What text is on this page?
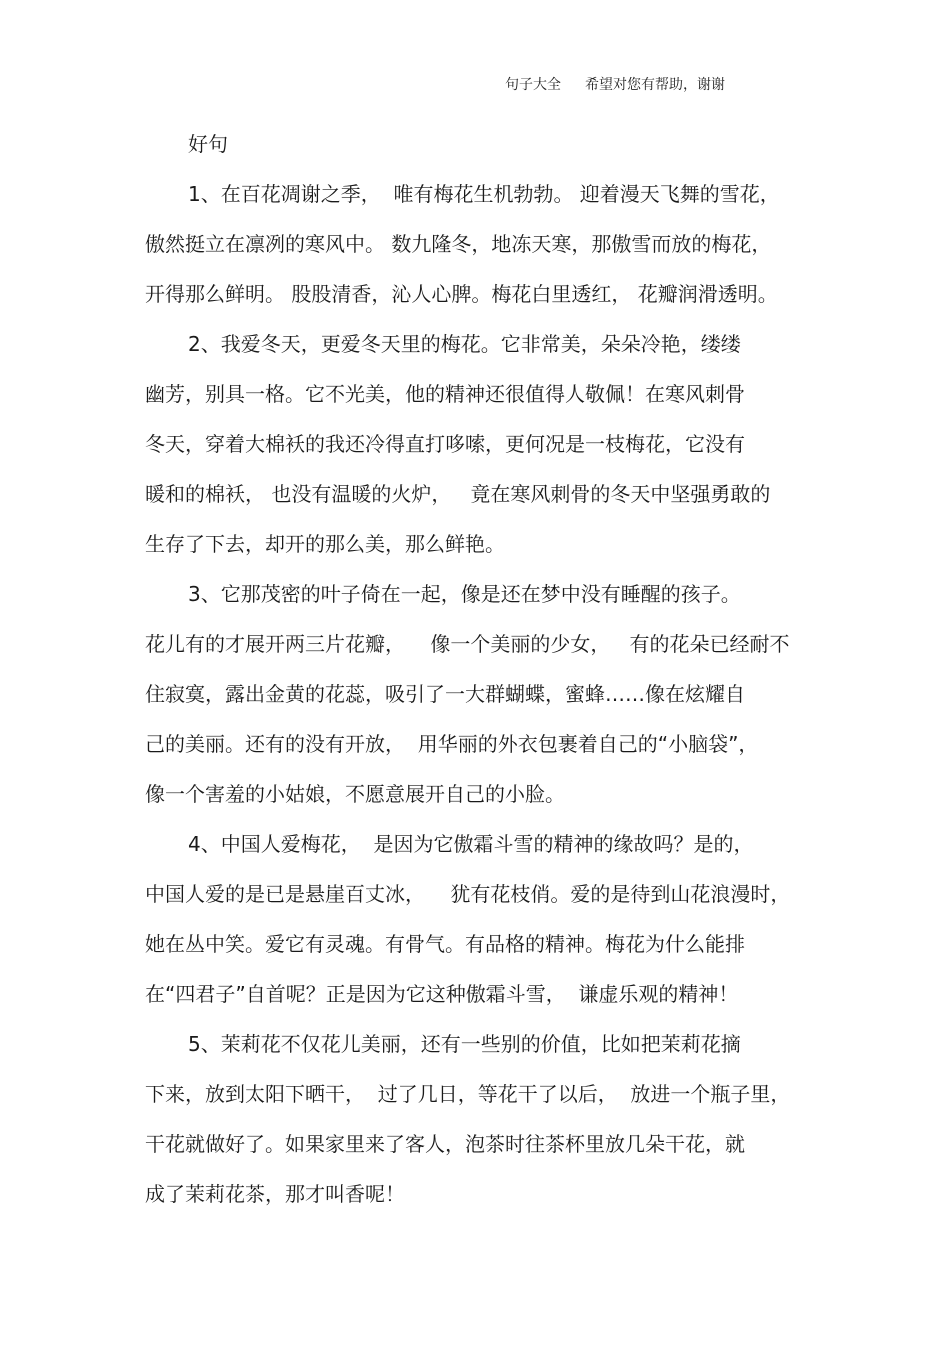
句子大全 希望对您有帮助，谢谢
好句
1、在百花凋谢之季，  唯有梅花生机勃勃。 迎着漫天飞舞的雪花，
傲然挺立在凛冽的寒风中。 数九隆冬，地冻天寒，那傲雪而放的梅花，
开得那么鲜明。 股股清香，沁人心脾。梅花白里透红， 花瓣润滑透明。
2、我爱冬天，更爱冬天里的梅花。它非常美，朵朵冷艳，缕缕
幽芳，别具一格。它不光美，他的精神还很值得人敬佩！在寒风刺骨
冬天，穿着大棉袄的我还冷得直打哆嗦，更何况是一枝梅花，它没有
暖和的棉袄， 也没有温暖的火炉，   竟在寒风刺骨的冬天中坚强勇敢的
生存了下去，却开的那么美，那么鲜艳。
3、它那茂密的叶子倚在一起，像是还在梦中没有睡醒的孩子。
花儿有的才展开两三片花瓣，    像一个美丽的少女，   有的花朵已经耐不
住寂寞，露出金黄的花蕊，吸引了一大群蝴蝶，蜜蜂……像在炫耀自
己的美丽。还有的没有开放，  用华丽的外衣包裹着自己的“小脑袋”，
像一个害羞的小姑娘，不愿意展开自己的小脸。
4、中国人爱梅花，  是因为它傲霜斗雪的精神的缘故吗？是的，
中国人爱的是已是悬崖百丈冰，    犹有花枝俏。爱的是待到山花浪漫时，
她在丛中笑。爱它有灵魂。有骨气。有品格的精神。梅花为什么能排
在“四君子”自首呢？正是因为它这种傲霜斗雪，  谦虚乐观的精神！
5、茉莉花不仅花儿美丽，还有一些别的价值，比如把茉莉花摘
下来，放到太阳下晒干，  过了几日，等花干了以后，  放进一个瓶子里，
干花就做好了。如果家里来了客人，泡茶时往茶杯里放几朵干花，就
成了茉莉花茶，那才叫香呢！
